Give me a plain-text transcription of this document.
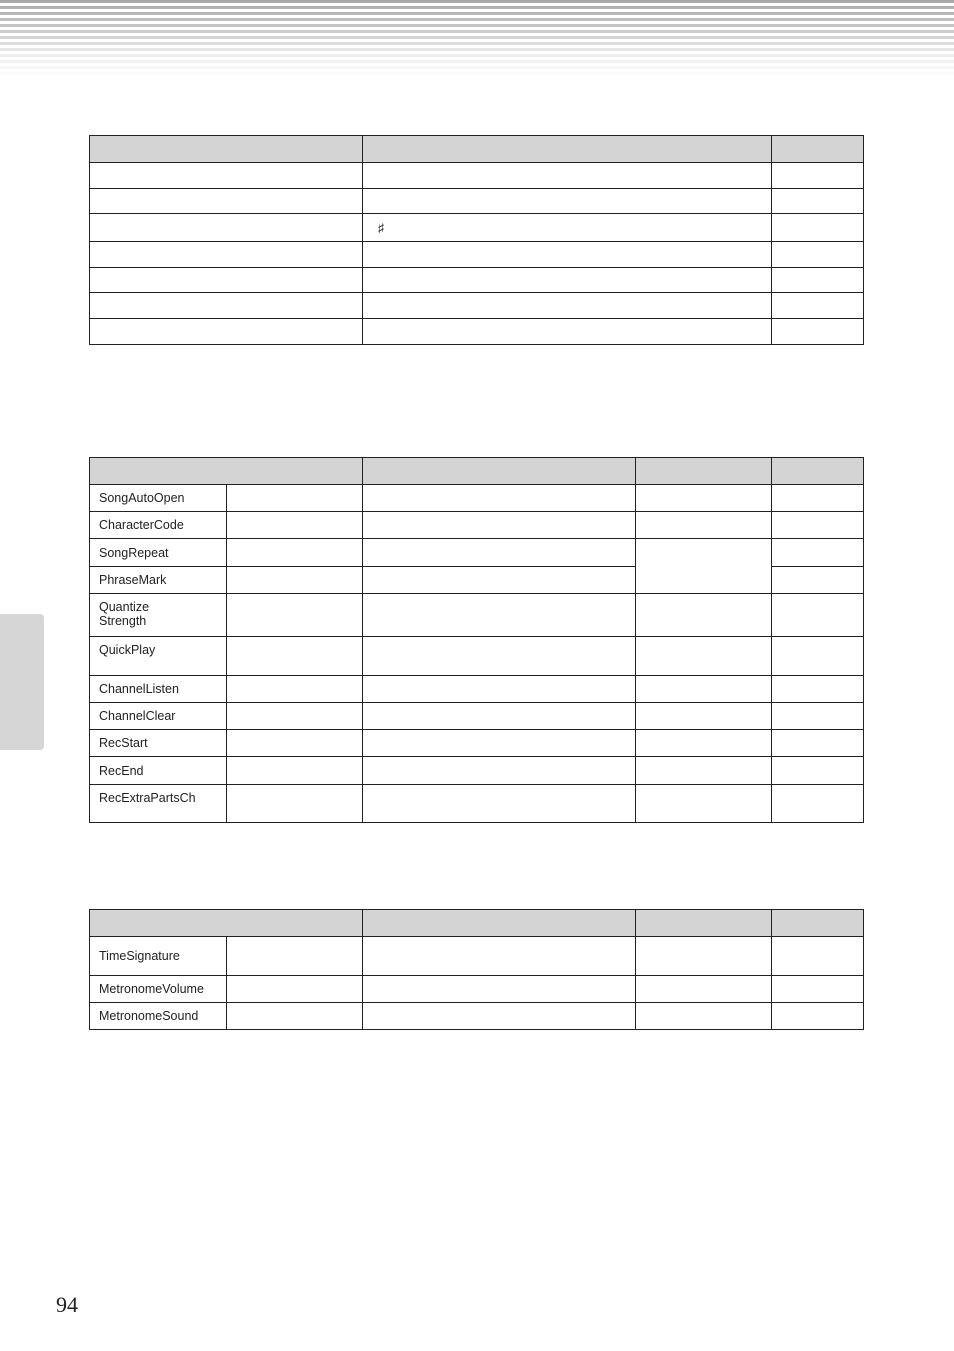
	♯	

SongAutoOpen				
CharacterCode				
SongRepeat				
PhraseMark				
Quantize
Strength				
QuickPlay				
ChannelListen				
ChannelClear				
RecStart				
RecEnd				
RecExtraPartsCh				

TimeSignature				
MetronomeVolume				
MetronomeSound				
94
